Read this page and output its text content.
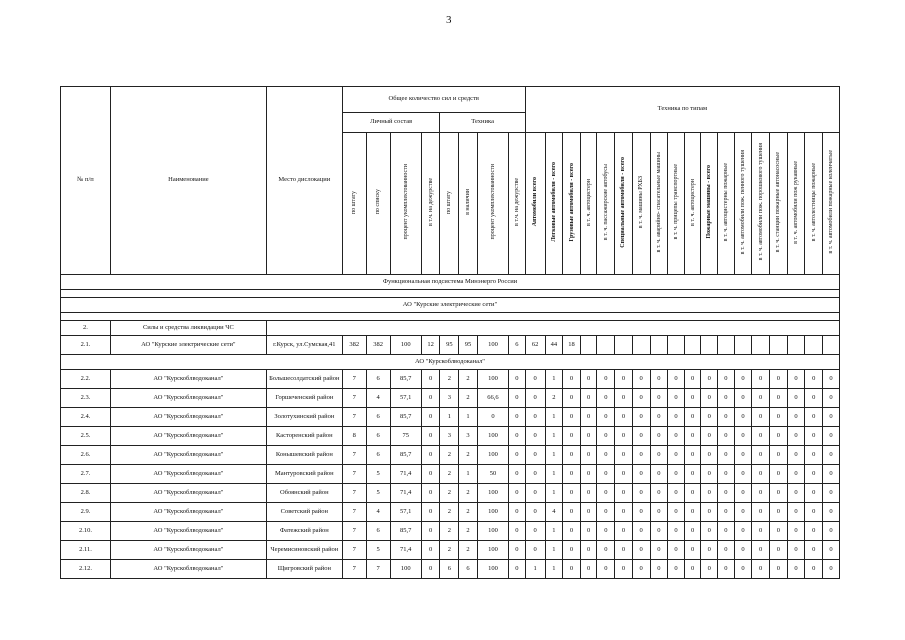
3
№ п/п	Наименование	Место дислокации	Общее количество сил и средств								Техника по типам																	
			Личный состав				Техника																					
			по штату	по списку	процент укомплектованности	в т.ч. на дежурстве	по штату	в наличии	процент укомплектованности	в т.ч. на дежурстве	Автомобили всего	Легковые автомобили - всего	Грузовые автомобили - всего	в т. ч. автоцистерн	в т. ч. пассажирские автобусы	Специальные автомобили - всего	в т. ч. машины РХБЗ	в т. ч. аварийно- спасательные машины	в т. ч. прицепы транспортные	в т. ч. автоцистерн	Пожарные машины - всего	в т. ч. автоцистерны пожарные	в т. ч. автомобили пож. пенного тушения	в т. ч. автомобили пож. порошкового тушения	в т. ч. станции пожарные автонасосные	в т. ч. автомобили пож рукавные	в т. ч. автолестницы пожарные	в т. ч. автомобили пожарные коленчатые
Функциональная подсистема Минэнерго России																												

АО "Курские электрические сети"																												

2.	Силы и средства ликвидации ЧС																											
2.1.	АО "Курские электрические сети"	г.Курск, ул.Сумская,41	382	382	100	12	95	95	100	6	62	44	18															
АО "Курскоблводоканал"																												
2.2.	АО "Курскоблводоканал"	Большесолдатский район	7	6	85,7	0	2	2	100	0	0	1	0	0	0	0	0	0	0	0	0	0	0	0	0	0	0	0
2.3.	АО "Курскоблводоканал"	Горшеченский район	7	4	57,1	0	3	2	66,6	0	0	2	0	0	0	0	0	0	0	0	0	0	0	0	0	0	0	0
2.4.	АО "Курскоблводоканал"	Золотухинский район	7	6	85,7	0	1	1	0	0	0	1	0	0	0	0	0	0	0	0	0	0	0	0	0	0	0	0
2.5.	АО "Курскоблводоканал"	Касторенский район	8	6	75	0	3	3	100	0	0	1	0	0	0	0	0	0	0	0	0	0	0	0	0	0	0	0
2.6.	АО "Курскоблводоканал"	Конышевский район	7	6	85,7	0	2	2	100	0	0	1	0	0	0	0	0	0	0	0	0	0	0	0	0	0	0	0
2.7.	АО "Курскоблводоканал"	Мантуровский район	7	5	71,4	0	2	1	50	0	0	1	0	0	0	0	0	0	0	0	0	0	0	0	0	0	0	0
2.8.	АО "Курскоблводоканал"	Обоянский район	7	5	71,4	0	2	2	100	0	0	1	0	0	0	0	0	0	0	0	0	0	0	0	0	0	0	0
2.9.	АО "Курскоблводоканал"	Советский район	7	4	57,1	0	2	2	100	0	0	4	0	0	0	0	0	0	0	0	0	0	0	0	0	0	0	0
2.10.	АО "Курскоблводоканал"	Фатежский район	7	6	85,7	0	2	2	100	0	0	1	0	0	0	0	0	0	0	0	0	0	0	0	0	0	0	0
2.11.	АО "Курскоблводоканал"	Черемисиновский район	7	5	71,4	0	2	2	100	0	0	1	0	0	0	0	0	0	0	0	0	0	0	0	0	0	0	0
2.12.	АО "Курскоблводоканал"	Щигровский район	7	7	100	0	6	6	100	0	1	1	0	0	0	0	0	0	0	0	0	0	0	0	0	0	0	0
